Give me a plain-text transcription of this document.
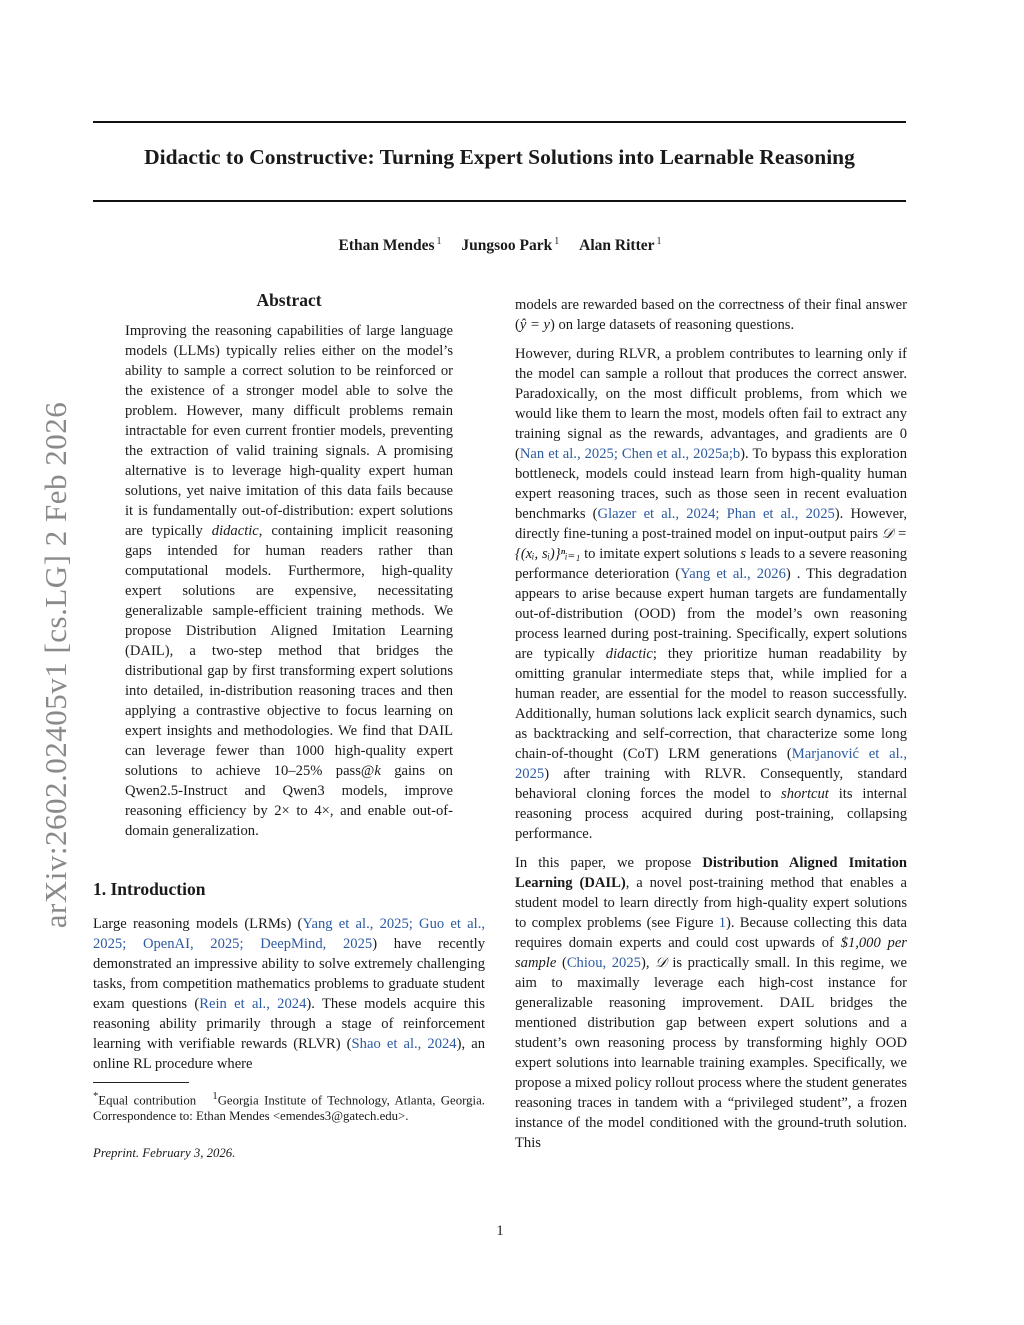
arXiv:2602.02405v1 [cs.LG] 2 Feb 2026
Didactic to Constructive: Turning Expert Solutions into Learnable Reasoning
Ethan Mendes $^1$ Jungsoo Park $^1$ Alan Ritter $^1$
Abstract

Improving the reasoning capabilities of large language models (LLMs) typically relies either on the model’s ability to sample a correct solution to be reinforced or the existence of a stronger model able to solve the problem. However, many difficult problems remain intractable for even current frontier models, preventing the extraction of valid training signals. A promising alternative is to leverage high-quality expert human solutions, yet naive imitation of this data fails because it is fundamentally out-of-distribution: expert solutions are typically didactic, containing implicit reasoning gaps intended for human readers rather than computational models. Furthermore, high-quality expert solutions are expensive, necessitating generalizable sample-efficient training methods. We propose Distribution Aligned Imitation Learning (DAIL), a two-step method that bridges the distributional gap by first transforming expert solutions into detailed, in-distribution reasoning traces and then applying a contrastive objective to focus learning on expert insights and methodologies. We find that DAIL can leverage fewer than 1000 high-quality expert solutions to achieve 10–25% pass@k gains on Qwen2.5-Instruct and Qwen3 models, improve reasoning efficiency by 2× to 4×, and enable out-of-domain generalization.

1. Introduction

Large reasoning models (LRMs) (Yang et al., 2025; Guo et al., 2025; OpenAI, 2025; DeepMind, 2025) have recently demonstrated an impressive ability to solve extremely challenging tasks, from competition mathematics problems to graduate student exam questions (Rein et al., 2024). These models acquire this reasoning ability primarily through a stage of reinforcement learning with verifiable rewards (RLVR) (Shao et al., 2024), an online RL procedure where

*Equal contribution $^1$Georgia Institute of Technology, Atlanta, Georgia. Correspondence to: Ethan Mendes <emendes3@gatech.edu>.
Preprint. February 3, 2026.

models are rewarded based on the correctness of their final answer (ŷ = y) on large datasets of reasoning questions.

However, during RLVR, a problem contributes to learning only if the model can sample a rollout that produces the correct answer. Paradoxically, on the most difficult problems, from which we would like them to learn the most, models often fail to extract any training signal as the rewards, advantages, and gradients are 0 (Nan et al., 2025; Chen et al., 2025a;b). To bypass this exploration bottleneck, models could instead learn from high-quality human expert reasoning traces, such as those seen in recent evaluation benchmarks (Glazer et al., 2024; Phan et al., 2025). However, directly fine-tuning a post-trained model on input-output pairs 𝒟 = {(xᵢ, sᵢ)}ⁿᵢ₌₁ to imitate expert solutions s leads to a severe reasoning performance deterioration (Yang et al., 2026) . This degradation appears to arise because expert human targets are fundamentally out-of-distribution (OOD) from the model’s own reasoning process learned during post-training. Specifically, expert solutions are typically didactic; they prioritize human readability by omitting granular intermediate steps that, while implied for a human reader, are essential for the model to reason successfully. Additionally, human solutions lack explicit search dynamics, such as backtracking and self-correction, that characterize some long chain-of-thought (CoT) LRM generations (Marjanović et al., 2025) after training with RLVR. Consequently, standard behavioral cloning forces the model to shortcut its internal reasoning process acquired during post-training, collapsing performance.

In this paper, we propose Distribution Aligned Imitation Learning (DAIL), a novel post-training method that enables a student model to learn directly from high-quality expert solutions to complex problems (see Figure 1). Because collecting this data requires domain experts and could cost upwards of $1,000 per sample (Chiou, 2025), 𝒟 is practically small. In this regime, we aim to maximally leverage each high-cost instance for generalizable reasoning improvement. DAIL bridges the mentioned distribution gap between expert solutions and a student’s own reasoning process by transforming highly OOD expert solutions into learnable training examples. Specifically, we propose a mixed policy rollout process where the student generates reasoning traces in tandem with a “privileged student”, a frozen instance of the model conditioned with the ground-truth solution. This

1
